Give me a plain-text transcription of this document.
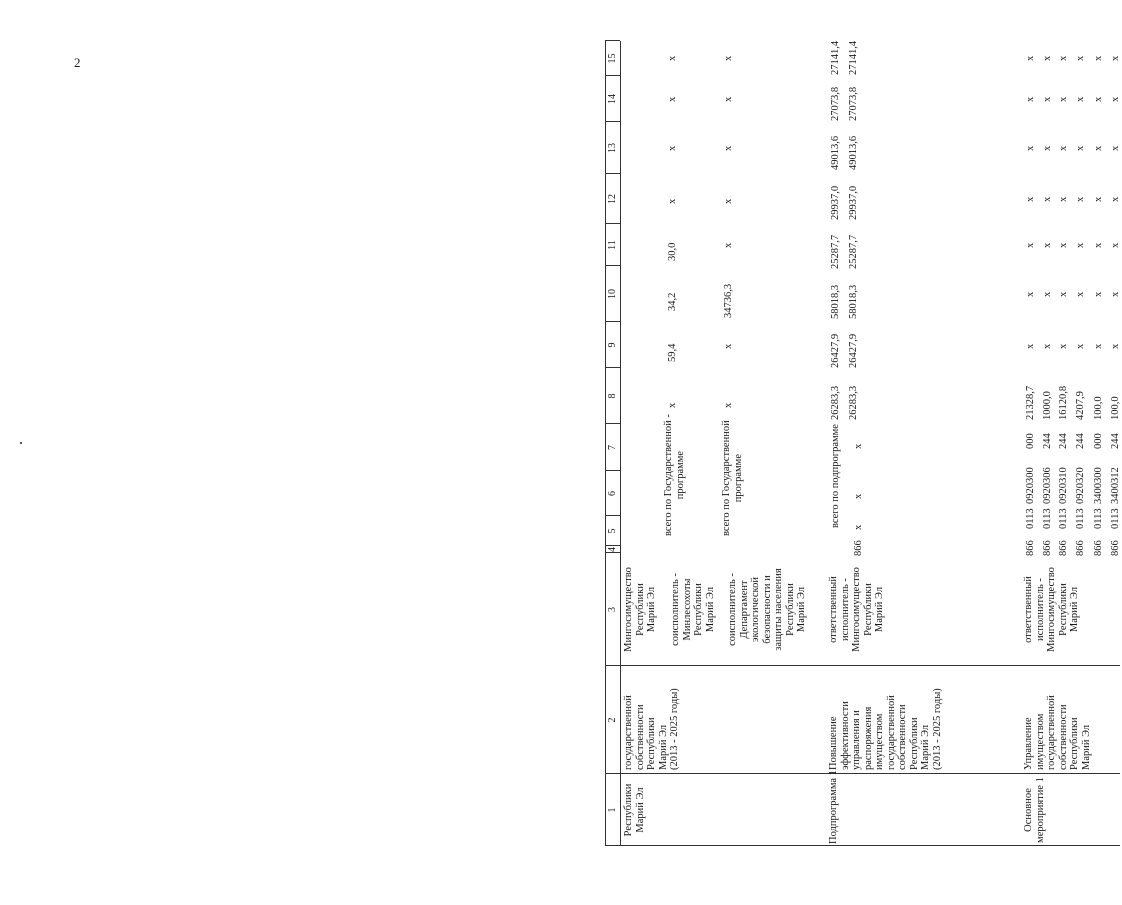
2
1
2
3
4
5
6
7
8
9
10
11
12
13
14
15
Республики Марий Эл
государственной собственности Республики Марий Эл (2013 - 2025 годы)
Мингосимущество Республики Марий Эл соисполнитель - Минлесохоты Республики Марий Эл
всего по Государственной - программе
соисполнитель - Департамент экологической безопасности и защиты населения Республики Марий Эл
всего по Государственной программе
x
59,4
34,2
30,0
x
x
x
x
x
x
34736,3
x
x
x
x
x
Подпрограмма 1
Повышение эффективности управления и распоряжения имуществом государственной собственности Республики Марий Эл (2013 - 2025 годы)
ответственный исполнитель - Мингосимущество Республики Марий Эл
всего по подпрограмме
866
x
x
x
26283,3
26427,9
58018,3
25287,7
29937,0
49013,6
27073,8
27141,4
26283,3
26427,9
58018,3
25287,7
29937,0
49013,6
27073,8
27141,4
Основное мероприятие 1
Управление имуществом государственной собственности Республики Марий Эл
ответственный исполнитель - Мингосимущество Республики Марий Эл
866
0113
0920300
000
21328,7
x
x
x
x
x
x
x
866
0113
0920306
244
1000,0
x
x
x
x
x
x
x
866
0113
0920310
244
16120,8
x
x
x
x
x
x
x
866
0113
0920320
244
4207,9
x
x
x
x
x
x
x
866
0113
3400300
000
100,0
x
x
x
x
x
x
x
866
0113
3400312
244
100,0
x
x
x
x
x
x
x
